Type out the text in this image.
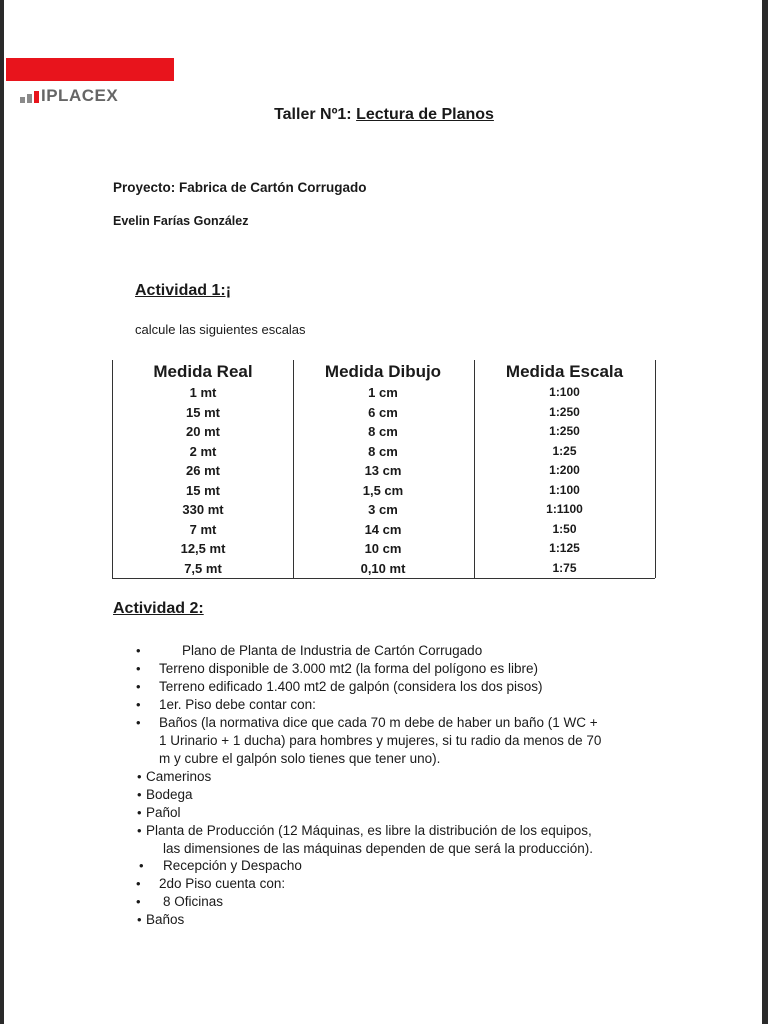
IPLACEX
Taller Nº1: Lectura de Planos
Proyecto: Fabrica de Cartón Corrugado
Evelin Farías González
Actividad 1:¡
calcule las siguientes escalas
Medida Real
1 mt
15 mt
20 mt
2 mt
26 mt
15 mt
330 mt
7 mt
12,5 mt
7,5 mt
Medida Dibujo
1 cm
6 cm
8 cm
8 cm
13 cm
1,5 cm
3 cm
14 cm
10 cm
0,10 mt
Medida Escala
1:100
1:250
1:250
1:25
1:200
1:100
1:1100
1:50
1:125
1:75
Actividad 2:
•	Plano de Planta de Industria de Cartón Corrugado
• Terreno disponible de 3.000 mt2 (la forma del polígono es libre)
• Terreno edificado 1.400 mt2 de galpón (considera los dos pisos)
• 1er. Piso debe contar con:
• Baños (la normativa dice que cada 70 m debe de haber un baño (1 WC +
1 Urinario + 1 ducha) para hombres y mujeres, si tu radio da menos de 70
m y cubre el galpón solo tienes que tener uno).
• Camerinos
• Bodega
• Pañol
• Planta de Producción (12 Máquinas, es libre la distribución de los equipos,
las dimensiones de las máquinas dependen de que será la producción).
• Recepción y Despacho
• 2do Piso cuenta con:
• 8 Oficinas
• Baños
